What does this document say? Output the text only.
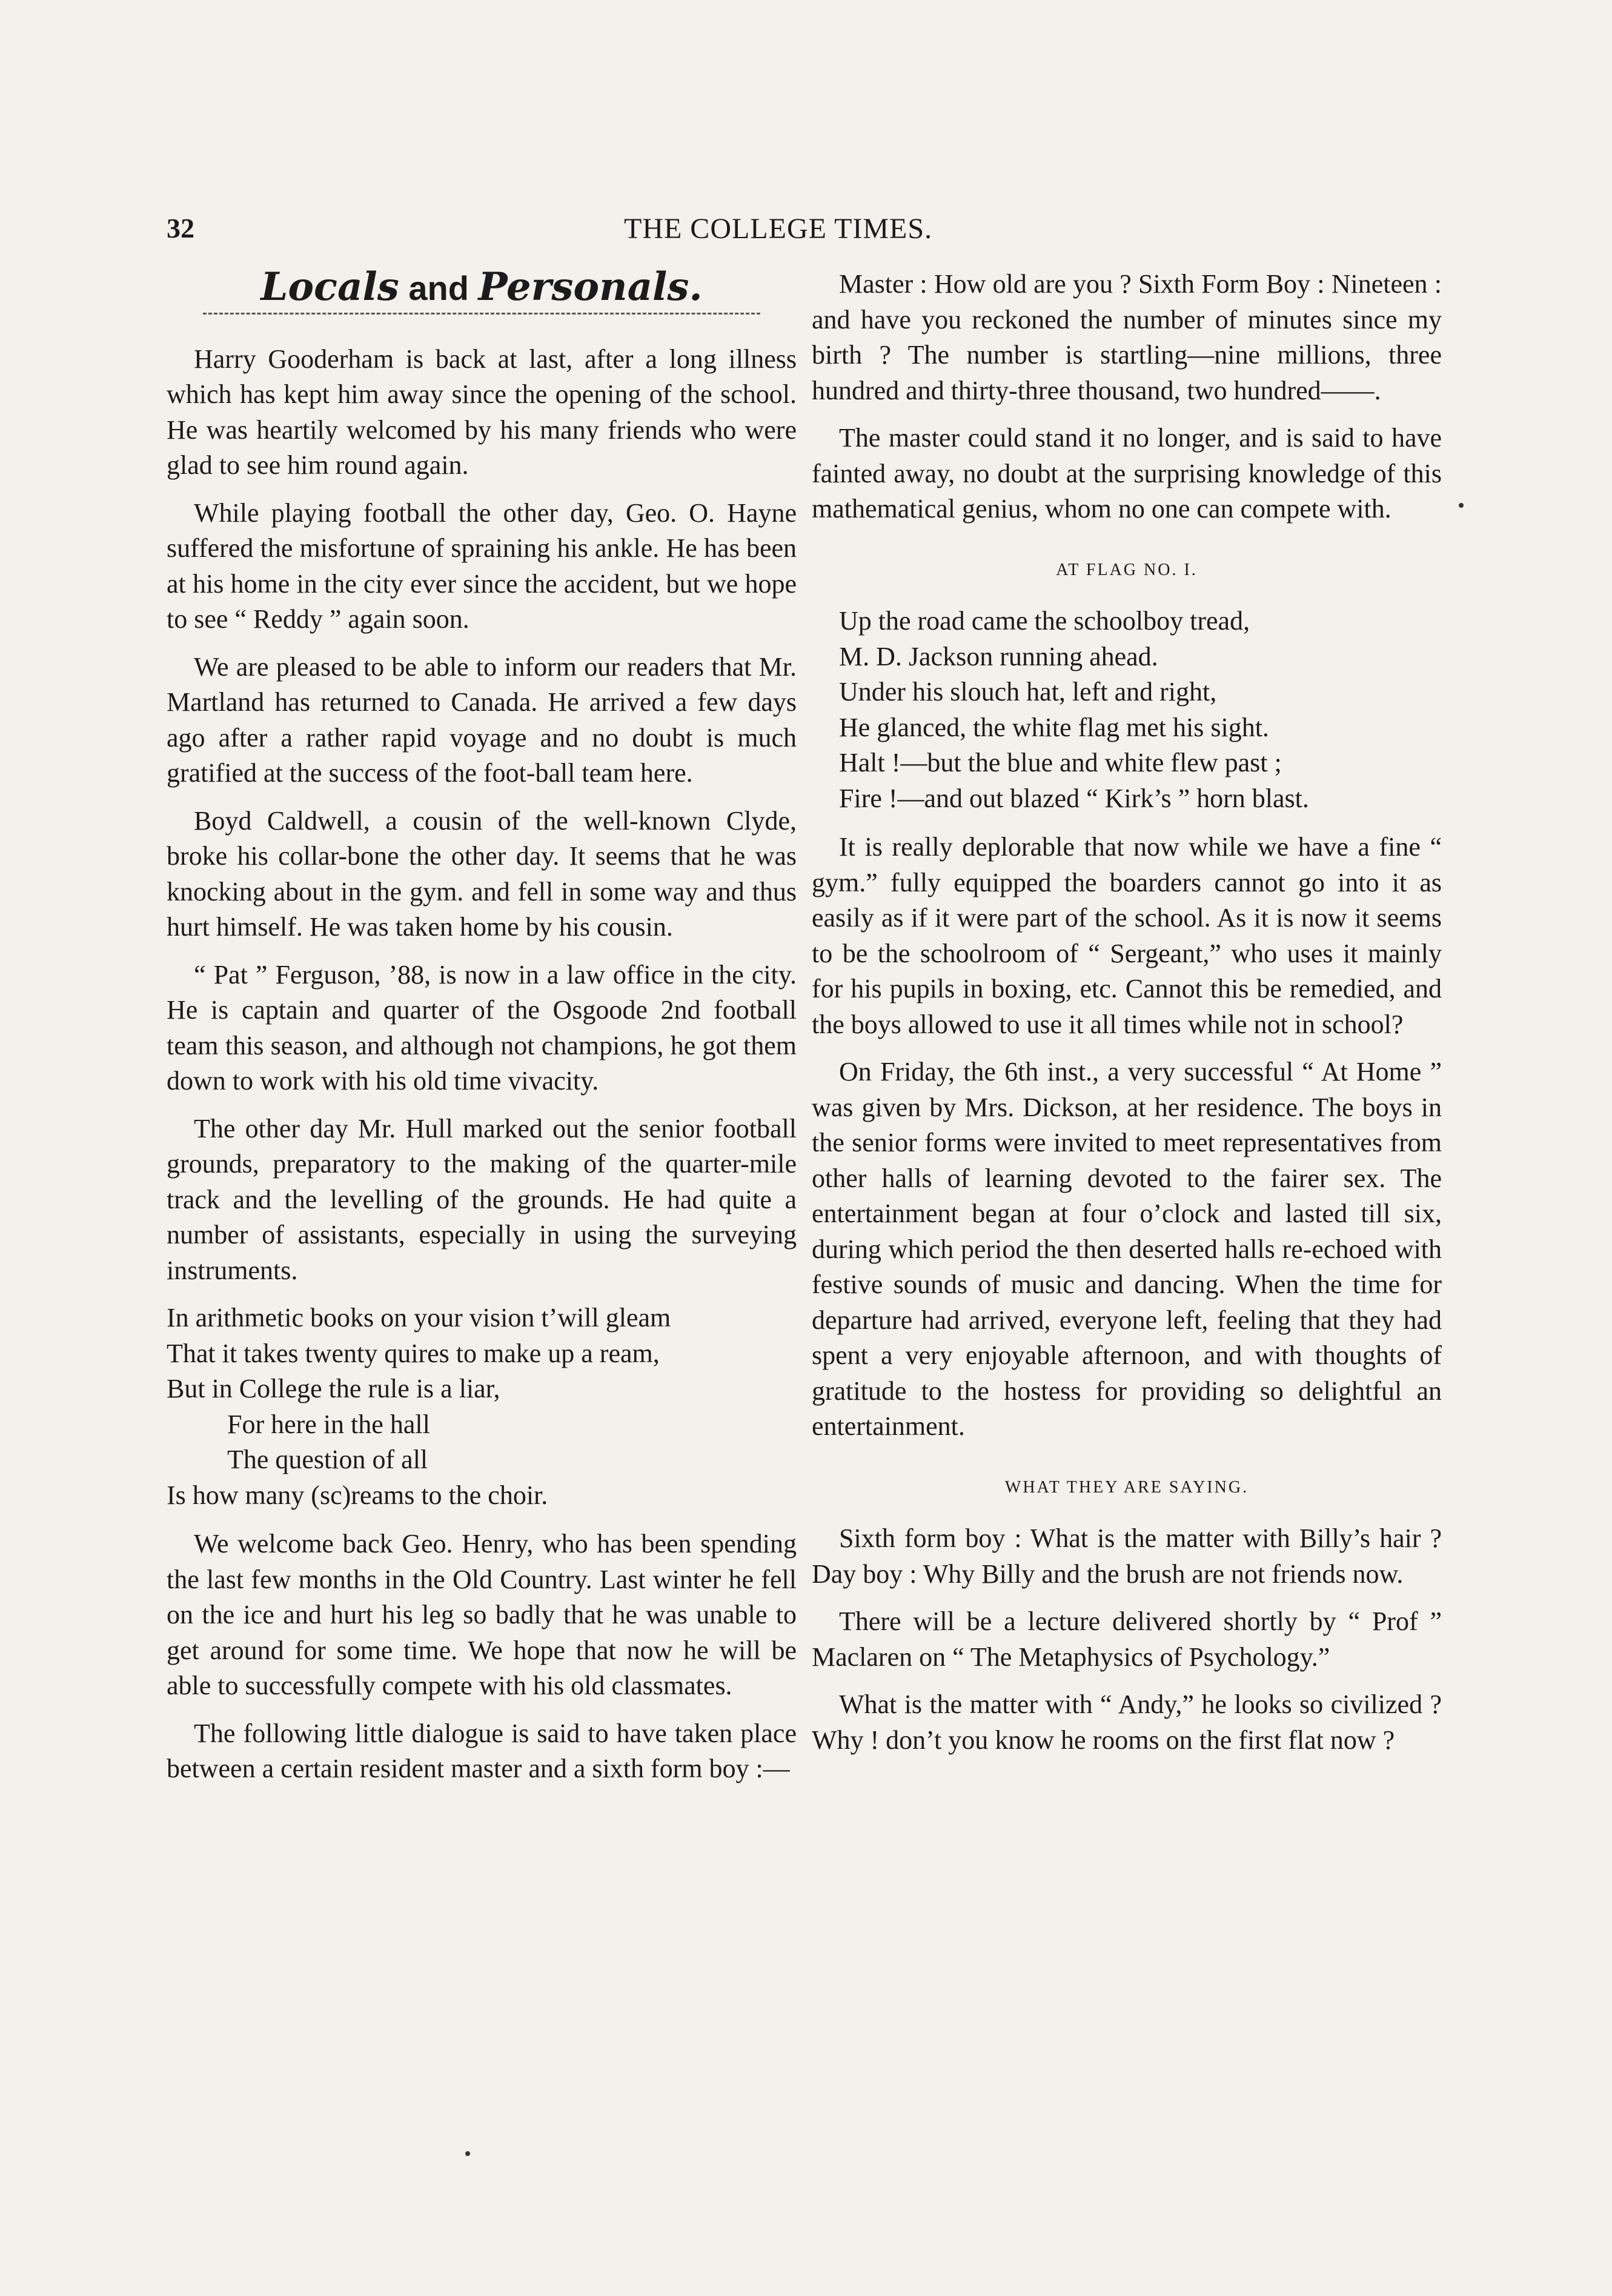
32	THE COLLEGE TIMES.
Locals and Personals.

Harry Gooderham is back at last, after a long illness which has kept him away since the opening of the school. He was heartily welcomed by his many friends who were glad to see him round again.

While playing football the other day, Geo. O. Hayne suffered the misfortune of spraining his ankle. He has been at his home in the city ever since the accident, but we hope to see “ Reddy ” again soon.

We are pleased to be able to inform our readers that Mr. Martland has returned to Canada. He arrived a few days ago after a rather rapid voyage and no doubt is much gratified at the success of the foot-ball team here.

Boyd Caldwell, a cousin of the well-known Clyde, broke his collar-bone the other day. It seems that he was knocking about in the gym. and fell in some way and thus hurt himself. He was taken home by his cousin.

“ Pat ” Ferguson, ’88, is now in a law office in the city. He is captain and quarter of the Osgoode 2nd football team this season, and although not champions, he got them down to work with his old time vivacity.

The other day Mr. Hull marked out the senior football grounds, preparatory to the making of the quarter-mile track and the levelling of the grounds. He had quite a number of assistants, especially in using the surveying instruments.

In arithmetic books on your vision t’will gleam
That it takes twenty quires to make up a ream,
But in College the rule is a liar,
For here in the hall
The question of all
Is how many (sc)reams to the choir.

We welcome back Geo. Henry, who has been spending the last few months in the Old Country. Last winter he fell on the ice and hurt his leg so badly that he was unable to get around for some time. We hope that now he will be able to successfully compete with his old classmates.

The following little dialogue is said to have taken place between a certain resident master and a sixth form boy :—

Master : How old are you ? Sixth Form Boy : Nineteen : and have you reckoned the number of minutes since my birth ? The number is startling—nine millions, three hundred and thirty-three thousand, two hundred——.

The master could stand it no longer, and is said to have fainted away, no doubt at the surprising knowledge of this mathematical genius, whom no one can compete with.

AT FLAG NO. I.
Up the road came the schoolboy tread,
M. D. Jackson running ahead.
Under his slouch hat, left and right,
He glanced, the white flag met his sight.
Halt !—but the blue and white flew past ;
Fire !—and out blazed “ Kirk’s ” horn blast.

It is really deplorable that now while we have a fine “ gym.” fully equipped the boarders cannot go into it as easily as if it were part of the school. As it is now it seems to be the schoolroom of “ Sergeant,” who uses it mainly for his pupils in boxing, etc. Cannot this be remedied, and the boys allowed to use it all times while not in school?

On Friday, the 6th inst., a very successful “ At Home ” was given by Mrs. Dickson, at her residence. The boys in the senior forms were invited to meet representatives from other halls of learning devoted to the fairer sex. The entertainment began at four o’clock and lasted till six, during which period the then deserted halls re-echoed with festive sounds of music and dancing. When the time for departure had arrived, everyone left, feeling that they had spent a very enjoyable afternoon, and with thoughts of gratitude to the hostess for providing so delightful an entertainment.

WHAT THEY ARE SAYING.

Sixth form boy : What is the matter with Billy’s hair ? Day boy : Why Billy and the brush are not friends now.

There will be a lecture delivered shortly by “ Prof ” Maclaren on “ The Metaphysics of Psychology.”

What is the matter with “ Andy,” he looks so civilized ? Why ! don’t you know he rooms on the first flat now ?
